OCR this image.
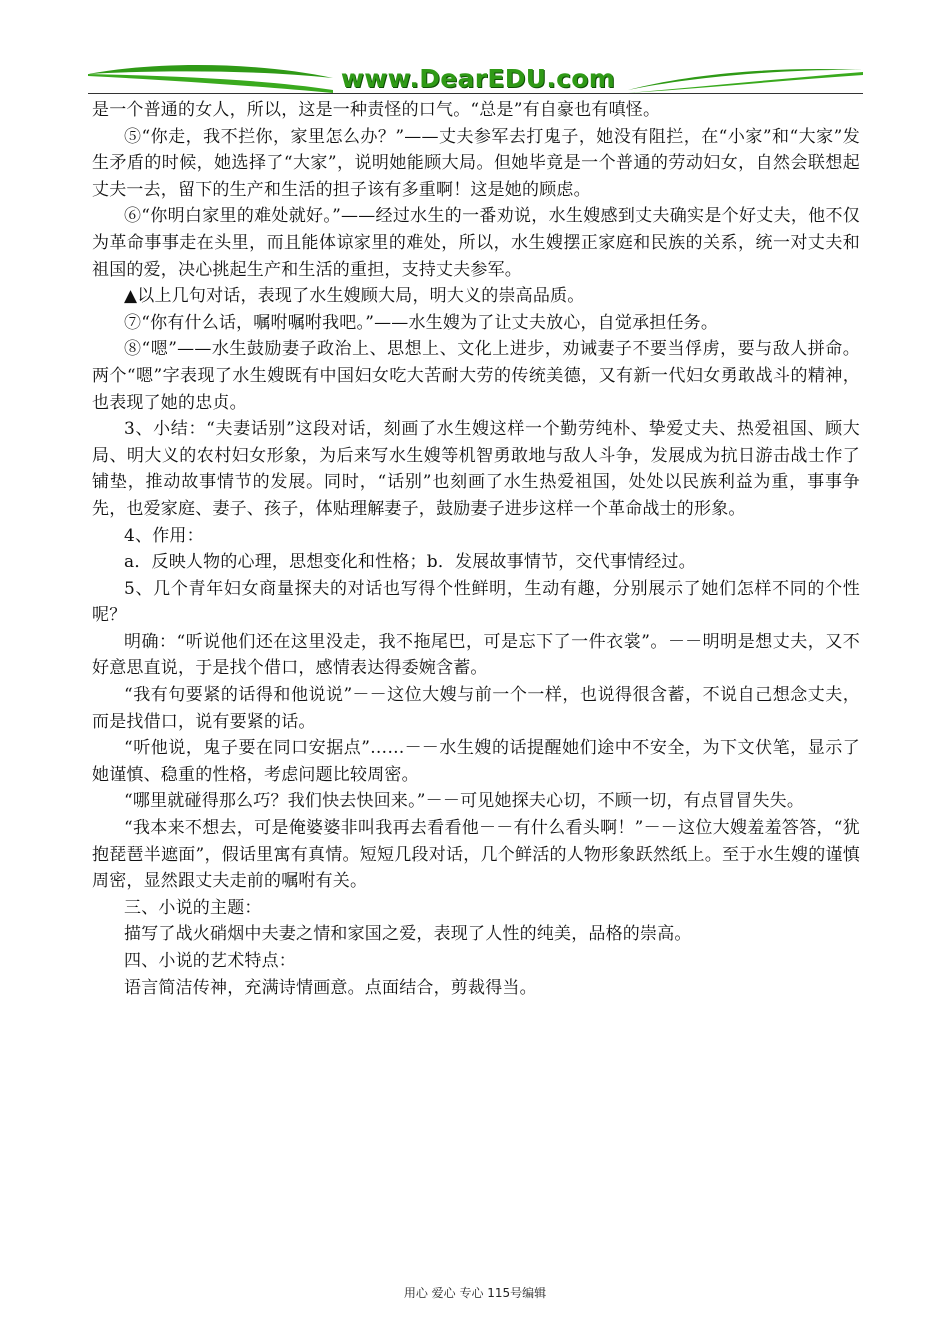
www.DearEDU.com

是一个普通的女人，所以，这是一种责怪的口气。“总是”有自豪也有嗔怪。

⑤“你走，我不拦你，家里怎么办？”——丈夫参军去打鬼子，她没有阻拦，在“小家”和“大家”发生矛盾的时候，她选择了“大家”，说明她能顾大局。但她毕竟是一个普通的劳动妇女，自然会联想起丈夫一去，留下的生产和生活的担子该有多重啊！这是她的顾虑。

⑥“你明白家里的难处就好。”——经过水生的一番劝说，水生嫂感到丈夫确实是个好丈夫，他不仅为革命事事走在头里，而且能体谅家里的难处，所以，水生嫂摆正家庭和民族的关系，统一对丈夫和祖国的爱，决心挑起生产和生活的重担，支持丈夫参军。

▲以上几句对话，表现了水生嫂顾大局，明大义的崇高品质。

⑦“你有什么话，嘱咐嘱咐我吧。”——水生嫂为了让丈夫放心，自觉承担任务。

⑧“嗯”——水生鼓励妻子政治上、思想上、文化上进步，劝诫妻子不要当俘虏，要与敌人拼命。两个“嗯”字表现了水生嫂既有中国妇女吃大苦耐大劳的传统美德，又有新一代妇女勇敢战斗的精神，也表现了她的忠贞。

3、小结：“夫妻话别”这段对话，刻画了水生嫂这样一个勤劳纯朴、挚爱丈夫、热爱祖国、顾大局、明大义的农村妇女形象，为后来写水生嫂等机智勇敢地与敌人斗争，发展成为抗日游击战士作了铺垫，推动故事情节的发展。同时，“话别”也刻画了水生热爱祖国，处处以民族利益为重，事事争先，也爱家庭、妻子、孩子，体贴理解妻子，鼓励妻子进步这样一个革命战士的形象。

4、作用：

a．反映人物的心理，思想变化和性格；b．发展故事情节，交代事情经过。

5、几个青年妇女商量探夫的对话也写得个性鲜明，生动有趣，分别展示了她们怎样不同的个性呢？

明确：“听说他们还在这里没走，我不拖尾巴，可是忘下了一件衣裳”。－－明明是想丈夫，又不好意思直说，于是找个借口，感情表达得委婉含蓄。

“我有句要紧的话得和他说说”－－这位大嫂与前一个一样，也说得很含蓄，不说自己想念丈夫，而是找借口，说有要紧的话。

“听他说，鬼子要在同口安据点”……－－水生嫂的话提醒她们途中不安全，为下文伏笔，显示了她谨慎、稳重的性格，考虑问题比较周密。

“哪里就碰得那么巧？我们快去快回来。”－－可见她探夫心切，不顾一切，有点冒冒失失。

“我本来不想去，可是俺婆婆非叫我再去看看他－－有什么看头啊！”－－这位大嫂羞羞答答，“犹抱琵琶半遮面”，假话里寓有真情。短短几段对话，几个鲜活的人物形象跃然纸上。至于水生嫂的谨慎周密，显然跟丈夫走前的嘱咐有关。

三、小说的主题：

描写了战火硝烟中夫妻之情和家国之爱，表现了人性的纯美，品格的崇高。

四、小说的艺术特点：

语言简洁传神，充满诗情画意。点面结合，剪裁得当。

用心 爱心 专心 115号编辑
